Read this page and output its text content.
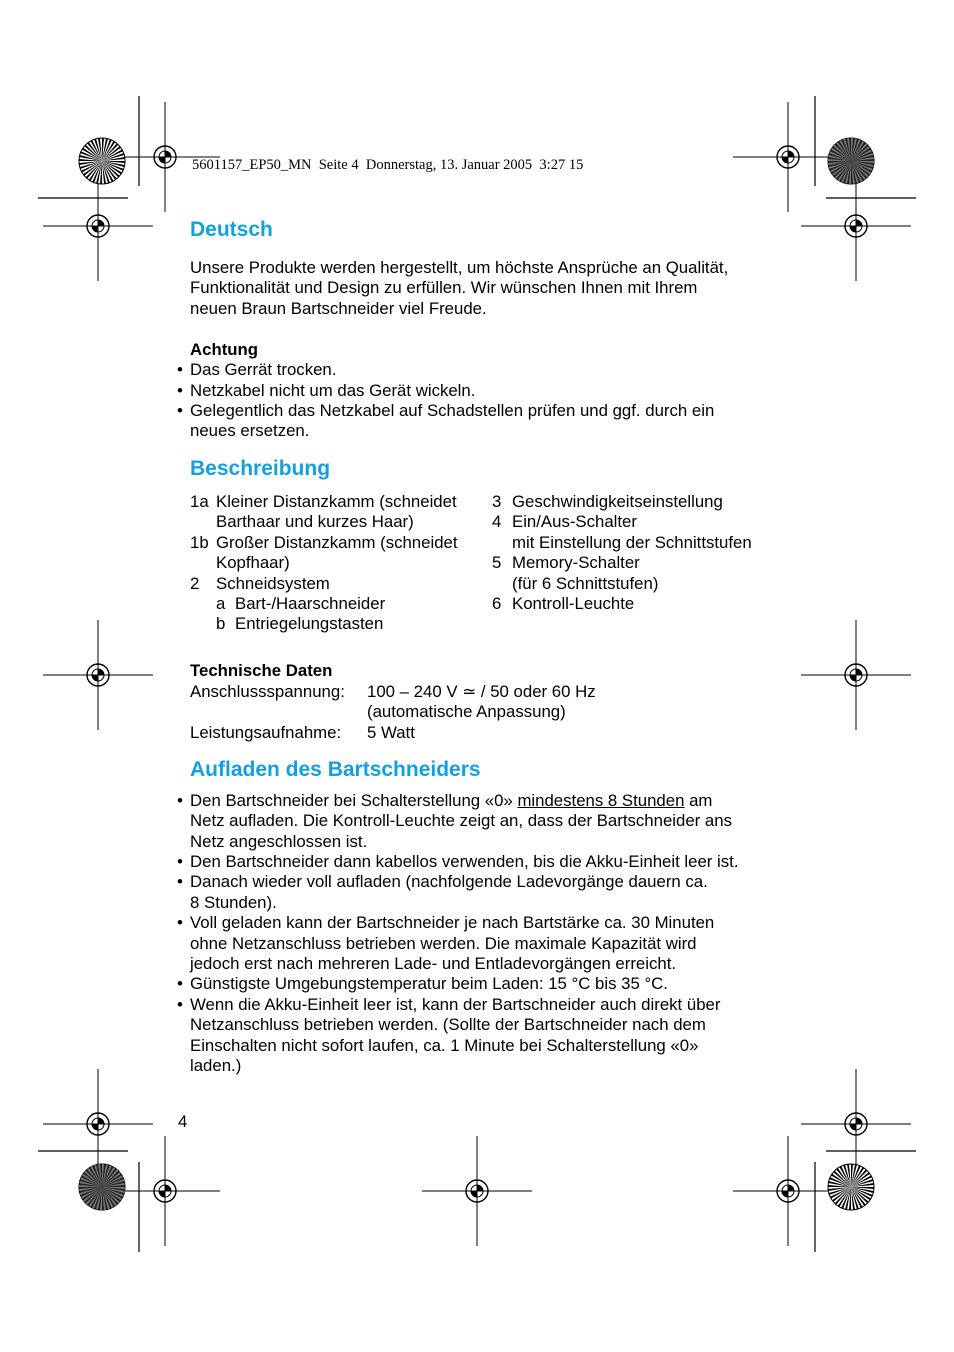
5601157_EP50_MN  Seite 4  Donnerstag, 13. Januar 2005  3:27 15
Deutsch
Unsere Produkte werden hergestellt, um höchste Ansprüche an Qualität,
Funktionalität und Design zu erfüllen. Wir wünschen Ihnen mit Ihrem
neuen Braun Bartschneider viel Freude.
Achtung
• Das Gerrät trocken.
• Netzkabel nicht um das Gerät wickeln.
• Gelegentlich das Netzkabel auf Schadstellen prüfen und ggf. durch ein
neues ersetzen.
Beschreibung
1a Kleiner Distanzkamm (schneidet
Barthaar und kurzes Haar)
1b Großer Distanzkamm (schneidet
Kopfhaar)
2 Schneidsystem
a Bart-/Haarschneider
b Entriegelungstasten
3 Geschwindigkeitseinstellung
4 Ein/Aus-Schalter
mit Einstellung der Schnittstufen
5 Memory-Schalter
(für 6 Schnittstufen)
6 Kontroll-Leuchte
Technische Daten
Anschlussspannung: 100 – 240 V ≃ / 50 oder 60 Hz
(automatische Anpassung)
Leistungsaufnahme: 5 Watt
Aufladen des Bartschneiders
• Den Bartschneider bei Schalterstellung «0» mindestens 8 Stunden am
Netz aufladen. Die Kontroll-Leuchte zeigt an, dass der Bartschneider ans
Netz angeschlossen ist.
• Den Bartschneider dann kabellos verwenden, bis die Akku-Einheit leer ist.
• Danach wieder voll aufladen (nachfolgende Ladevorgänge dauern ca.
8 Stunden).
• Voll geladen kann der Bartschneider je nach Bartstärke ca. 30 Minuten
ohne Netzanschluss betrieben werden. Die maximale Kapazität wird
jedoch erst nach mehreren Lade- und Entladevorgängen erreicht.
• Günstigste Umgebungstemperatur beim Laden: 15 °C bis 35 °C.
• Wenn die Akku-Einheit leer ist, kann der Bartschneider auch direkt über
Netzanschluss betrieben werden. (Sollte der Bartschneider nach dem
Einschalten nicht sofort laufen, ca. 1 Minute bei Schalterstellung «0»
laden.)
4
